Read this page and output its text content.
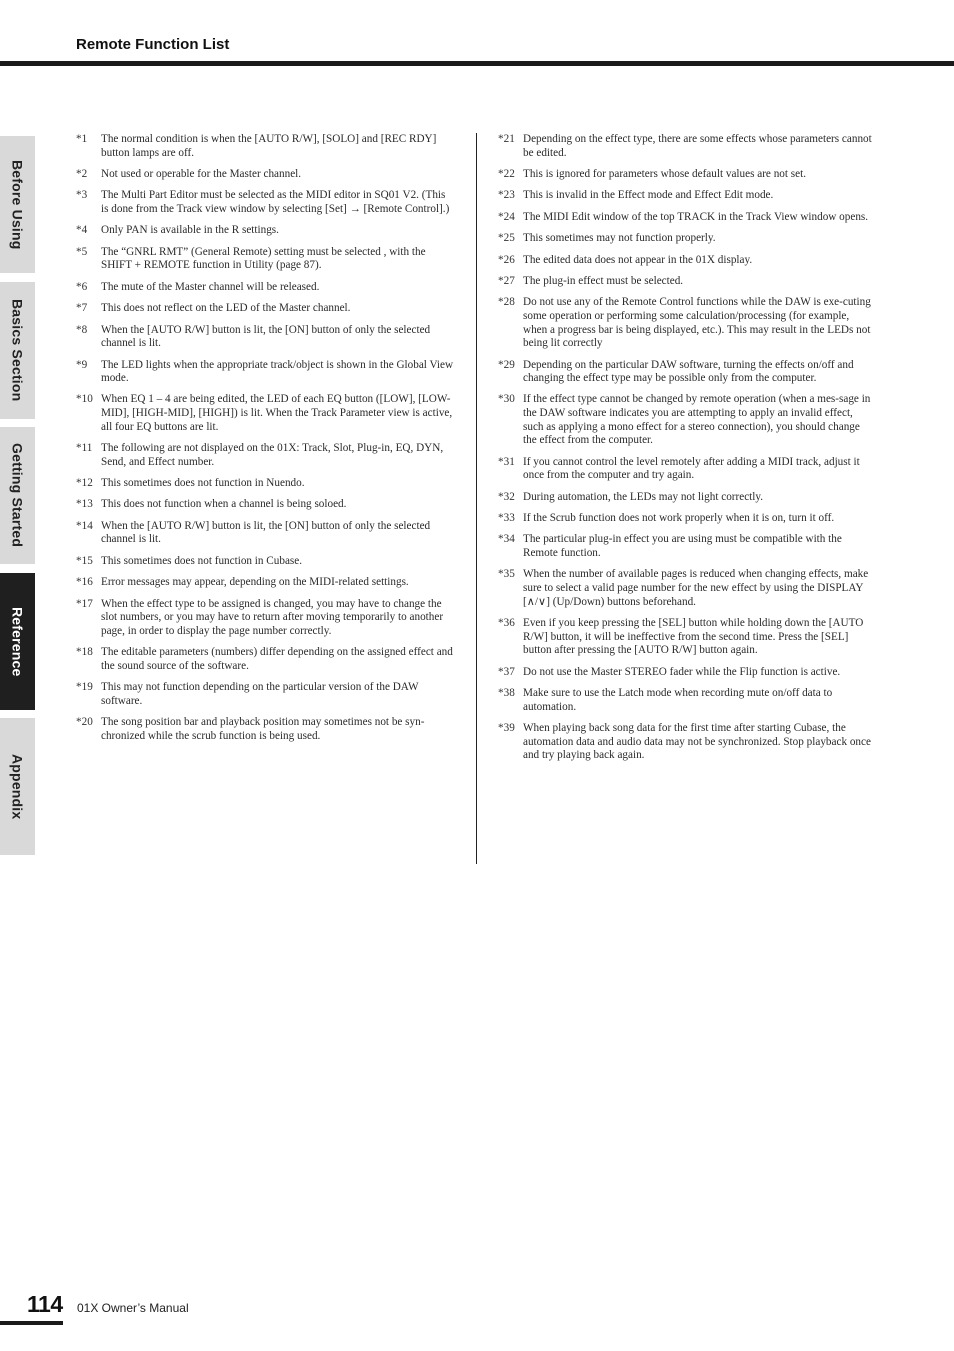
Remote Function List
Before Using
Basics Section
Getting Started
Reference
Appendix
*1	The normal condition is when the [AUTO R/W], [SOLO] and [REC RDY] button lamps are off.
*2	Not used or operable for the Master channel.
*3	The Multi Part Editor must be selected as the MIDI editor in SQ01 V2. (This is done from the Track view window by selecting [Set] → [Remote Control].)
*4	Only PAN is available in the R settings.
*5	The “GNRL RMT” (General Remote) setting must be selected , with the SHIFT + REMOTE function in Utility (page 87).
*6	The mute of the Master channel will be released.
*7	This does not reflect on the LED of the Master channel.
*8	When the [AUTO R/W] button is lit, the [ON] button of only the selected channel is lit.
*9	The LED lights when the appropriate track/object is shown in the Global View mode.
*10 When EQ 1 – 4 are being edited, the LED of each EQ button ([LOW], [LOW-MID], [HIGH-MID], [HIGH]) is lit. When the Track Parameter view is active, all four EQ buttons are lit.
*11 The following are not displayed on the 01X: Track, Slot, Plug-in, EQ, DYN, Send, and Effect number.
*12 This sometimes does not function in Nuendo.
*13 This does not function when a channel is being soloed.
*14 When the [AUTO R/W] button is lit, the [ON] button of only the selected channel is lit.
*15 This sometimes does not function in Cubase.
*16 Error messages may appear, depending on the MIDI-related settings.
*17 When the effect type to be assigned is changed, you may have to change the slot numbers, or you may have to return after moving temporarily to another page, in order to display the page number correctly.
*18 The editable parameters (numbers) differ depending on the assigned effect and the sound source of the software.
*19 This may not function depending on the particular version of the DAW software.
*20 The song position bar and playback position may sometimes not be syn-chronized while the scrub function is being used.
*21 Depending on the effect type, there are some effects whose parameters cannot be edited.
*22 This is ignored for parameters whose default values are not set.
*23 This is invalid in the Effect mode and Effect Edit mode.
*24 The MIDI Edit window of the top TRACK in the Track View window opens.
*25 This sometimes may not function properly.
*26 The edited data does not appear in the 01X display.
*27 The plug-in effect must be selected.
*28 Do not use any of the Remote Control functions while the DAW is exe-cuting some operation or performing some calculation/processing (for example, when a progress bar is being displayed, etc.). This may result in the LEDs not being lit correctly
*29 Depending on the particular DAW software, turning the effects on/off and changing the effect type may be possible only from the computer.
*30 If the effect type cannot be changed by remote operation (when a mes-sage in the DAW software indicates you are attempting to apply an invalid effect, such as applying a mono effect for a stereo connection), you should change the effect from the computer.
*31 If you cannot control the level remotely after adding a MIDI track, adjust it once from the computer and try again.
*32 During automation, the LEDs may not light correctly.
*33 If the Scrub function does not work properly when it is on, turn it off.
*34 The particular plug-in effect you are using must be compatible with the Remote function.
*35 When the number of available pages is reduced when changing effects, make sure to select a valid page number for the new effect by using the DISPLAY [∧/∨] (Up/Down) buttons beforehand.
*36 Even if you keep pressing the [SEL] button while holding down the [AUTO R/W] button, it will be ineffective from the second time. Press the [SEL] button after pressing the [AUTO R/W] button again.
*37 Do not use the Master STEREO fader while the Flip function is active.
*38 Make sure to use the Latch mode when recording mute on/off data to automation.
*39 When playing back song data for the first time after starting Cubase, the automation data and audio data may not be synchronized. Stop playback once and try playing back again.
114 01X Owner’s Manual
